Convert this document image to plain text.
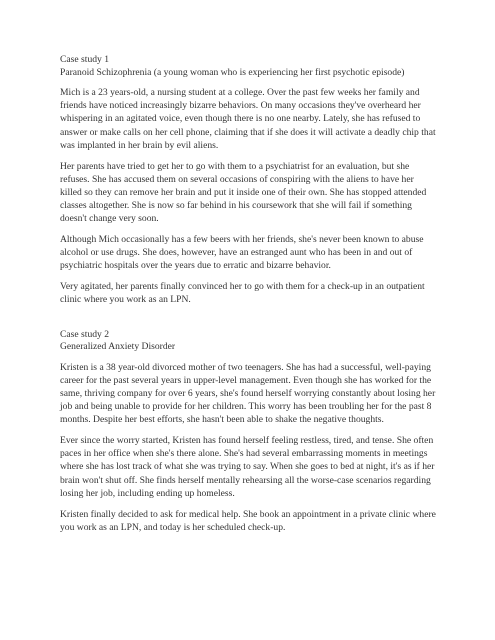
Case study 1

Paranoid Schizophrenia (a young woman who is experiencing her first psychotic episode)

Mich is a 23 years-old, a nursing student at a college. Over the past few weeks her family and friends have noticed increasingly bizarre behaviors. On many occasions they've overheard her whispering in an agitated voice, even though there is no one nearby. Lately, she has refused to answer or make calls on her cell phone, claiming that if she does it will activate a deadly chip that was implanted in her brain by evil aliens.

Her parents have tried to get her to go with them to a psychiatrist for an evaluation, but she refuses. She has accused them on several occasions of conspiring with the aliens to have her killed so they can remove her brain and put it inside one of their own. She has stopped attended classes altogether. She is now so far behind in his coursework that she will fail if something doesn't change very soon.

Although Mich occasionally has a few beers with her friends, she's never been known to abuse alcohol or use drugs. She does, however, have an estranged aunt who has been in and out of psychiatric hospitals over the years due to erratic and bizarre behavior.

Very agitated, her parents finally convinced her to go with them for a check-up in an outpatient clinic where you work as an LPN.

Case study 2

Generalized Anxiety Disorder

Kristen is a 38 year-old divorced mother of two teenagers. She has had a successful, well-paying career for the past several years in upper-level management. Even though she has worked for the same, thriving company for over 6 years, she's found herself worrying constantly about losing her job and being unable to provide for her children. This worry has been troubling her for the past 8 months. Despite her best efforts, she hasn't been able to shake the negative thoughts.

Ever since the worry started, Kristen has found herself feeling restless, tired, and tense. She often paces in her office when she's there alone. She's had several embarrassing moments in meetings where she has lost track of what she was trying to say. When she goes to bed at night, it's as if her brain won't shut off. She finds herself mentally rehearsing all the worse-case scenarios regarding losing her job, including ending up homeless.

Kristen finally decided to ask for medical help. She book an appointment in a private clinic where you work as an LPN, and today is her scheduled check-up.
